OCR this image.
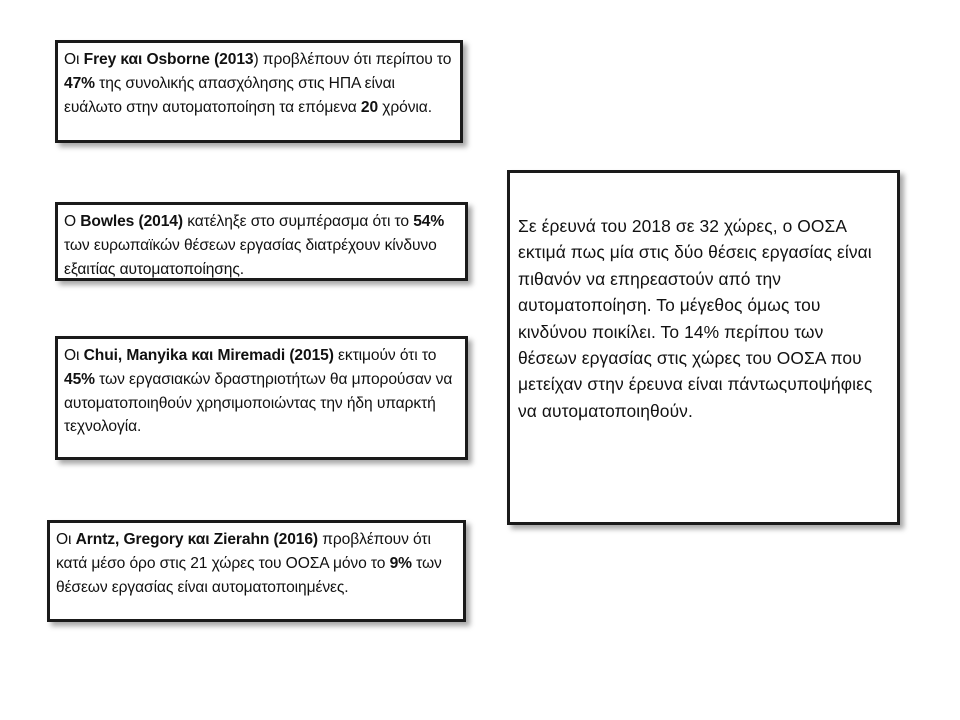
Οι Frey και Osborne (2013) προβλέπουν ότι περίπου το 47% της συνολικής απασχόλησης στις ΗΠΑ είναι ευάλωτο στην αυτοματοποίηση τα επόμενα 20 χρόνια.

Ο Bowles (2014) κατέληξε στο συμπέρασμα ότι το 54% των ευρωπαϊκών θέσεων εργασίας διατρέχουν κίνδυνο εξαιτίας αυτοματοποίησης.

Οι Chui, Manyika και Miremadi (2015) εκτιμούν ότι το 45% των εργασιακών δραστηριοτήτων θα μπορούσαν να αυτοματοποιηθούν χρησιμοποιώντας την ήδη υπαρκτή τεχνολογία.

Οι Arntz, Gregory και Zierahn (2016) προβλέπουν ότι κατά μέσο όρο στις 21 χώρες του ΟΟΣΑ μόνο το 9% των θέσεων εργασίας είναι αυτοματοποιημένες.

Σε έρευνά του 2018 σε 32 χώρες, ο ΟΟΣΑ εκτιμά πως μία στις δύο θέσεις εργασίας είναι πιθανόν να επηρεαστούν από την αυτοματοποίηση. Το μέγεθος όμως του κινδύνου ποικίλει. Το 14% περίπου των θέσεων εργασίας στις χώρες του ΟΟΣΑ που μετείχαν στην έρευνα είναι πάντωςυποψήφιες να αυτοματοποιηθούν.
